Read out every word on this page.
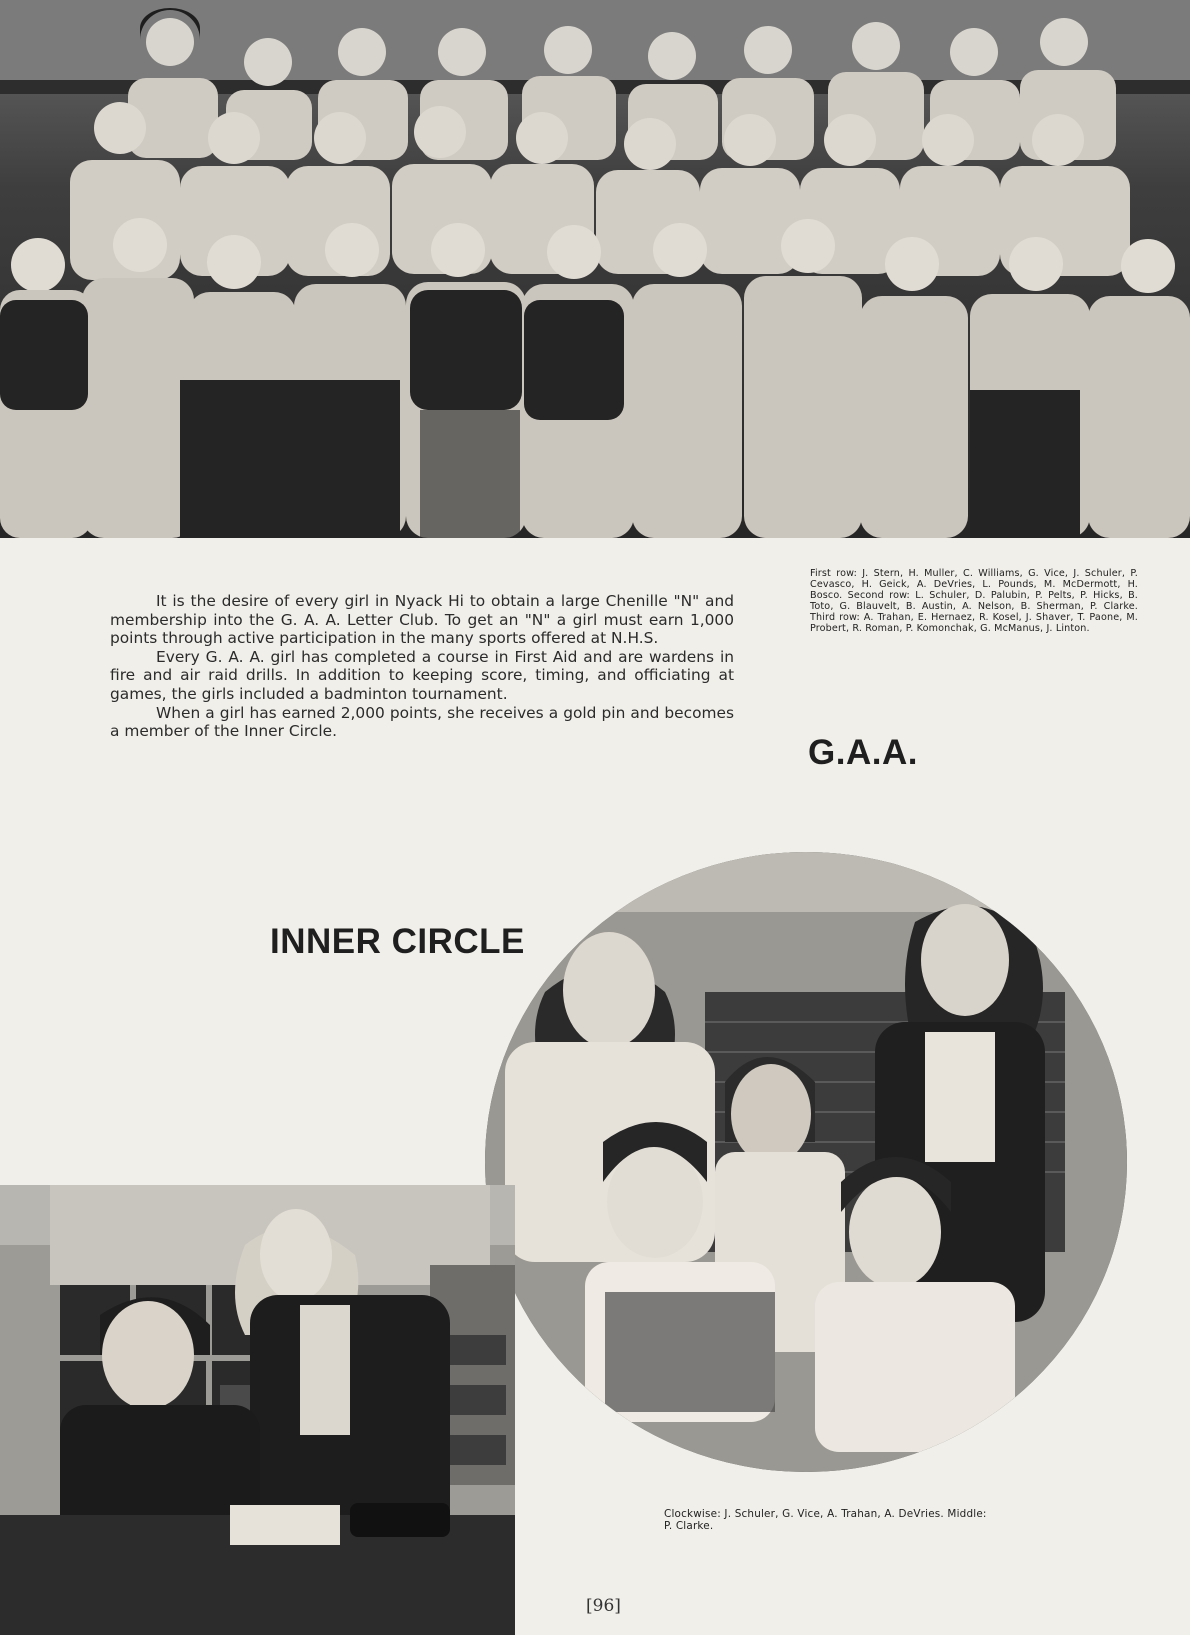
It is the desire of every girl in Nyack Hi to obtain a large Chenille "N" and membership into the G. A. A. Letter Club. To get an "N" a girl must earn 1,000 points through active participation in the many sports offered at N.H.S.

Every G. A. A. girl has completed a course in First Aid and are wardens in fire and air raid drills. In addition to keeping score, timing, and officiating at games, the girls included a badminton tournament.

When a girl has earned 2,000 points, she receives a gold pin and becomes a member of the Inner Circle.

First row: J. Stern, H. Muller, C. Williams, G. Vice, J. Schuler, P. Cevasco, H. Geick, A. DeVries, L. Pounds, M. McDermott, H. Bosco. Second row: L. Schuler, D. Palubin, P. Pelts, P. Hicks, B. Toto, G. Blauvelt, B. Austin, A. Nelson, B. Sherman, P. Clarke. Third row: A. Trahan, E. Hernaez, R. Kosel, J. Shaver, T. Paone, M. Probert, R. Roman, P. Komonchak, G. McManus, J. Linton.
G.A.A.
INNER CIRCLE
Clockwise: J. Schuler, G. Vice, A. Trahan, A. DeVries. Middle: P. Clarke.
[96]
